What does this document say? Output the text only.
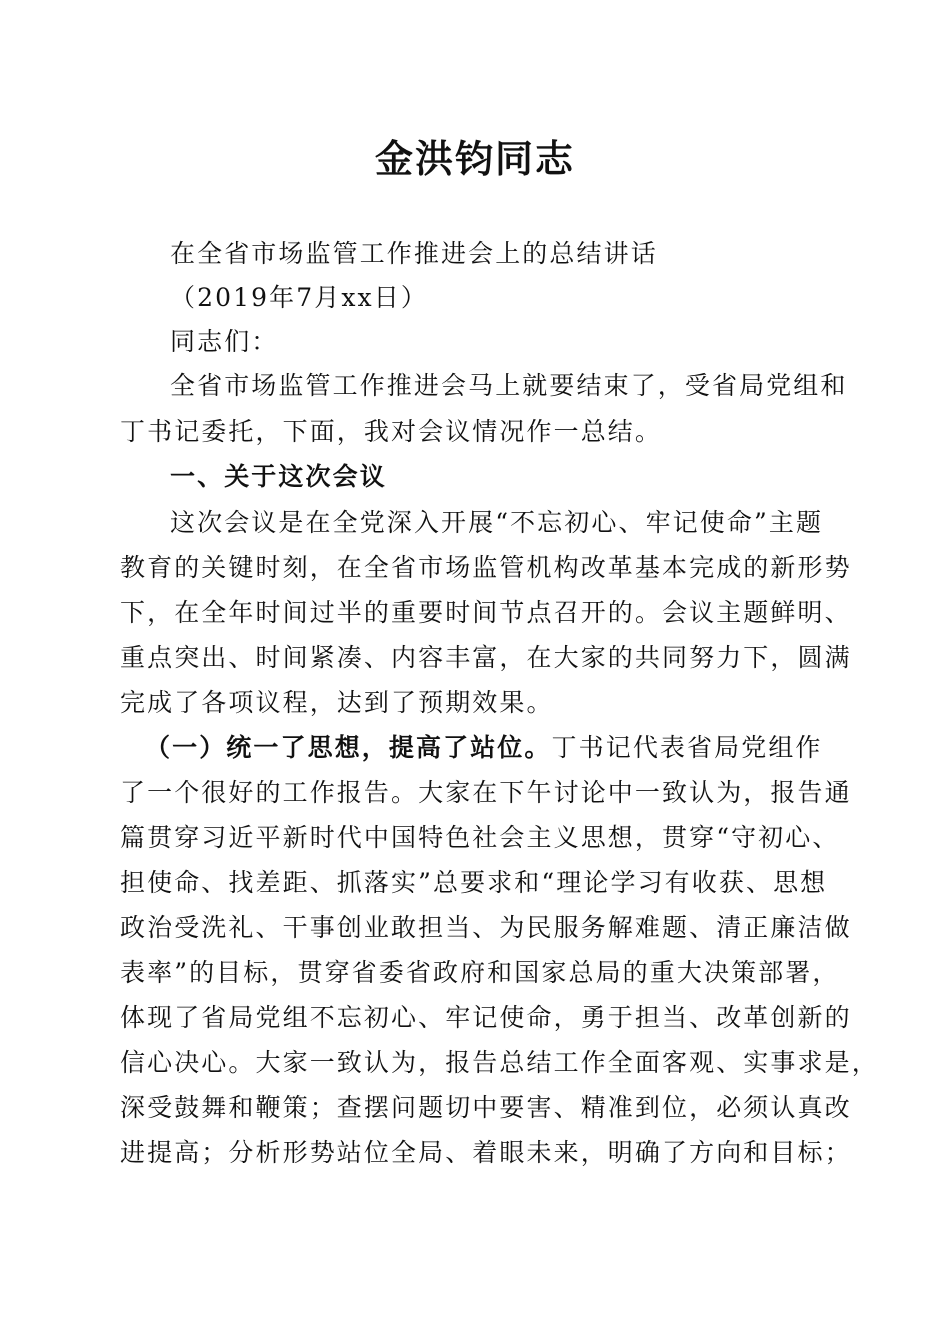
金洪钧同志
在全省市场监管工作推进会上的总结讲话
（2019年7月xx日）
同志们：
全省市场监管工作推进会马上就要结束了，受省局党组和
丁书记委托，下面，我对会议情况作一总结。
一、关于这次会议
这次会议是在全党深入开展“不忘初心、牢记使命”主题
教育的关键时刻，在全省市场监管机构改革基本完成的新形势
下，在全年时间过半的重要时间节点召开的。会议主题鲜明、
重点突出、时间紧凑、内容丰富，在大家的共同努力下，圆满
完成了各项议程，达到了预期效果。
（一）统一了思想，提高了站位。丁书记代表省局党组作
了一个很好的工作报告。大家在下午讨论中一致认为，报告通
篇贯穿习近平新时代中国特色社会主义思想，贯穿“守初心、
担使命、找差距、抓落实”总要求和“理论学习有收获、思想
政治受洗礼、干事创业敢担当、为民服务解难题、清正廉洁做
表率”的目标，贯穿省委省政府和国家总局的重大决策部署，
体现了省局党组不忘初心、牢记使命，勇于担当、改革创新的
信心决心。大家一致认为，报告总结工作全面客观、实事求是，
深受鼓舞和鞭策；查摆问题切中要害、精准到位，必须认真改
进提高；分析形势站位全局、着眼未来，明确了方向和目标；
